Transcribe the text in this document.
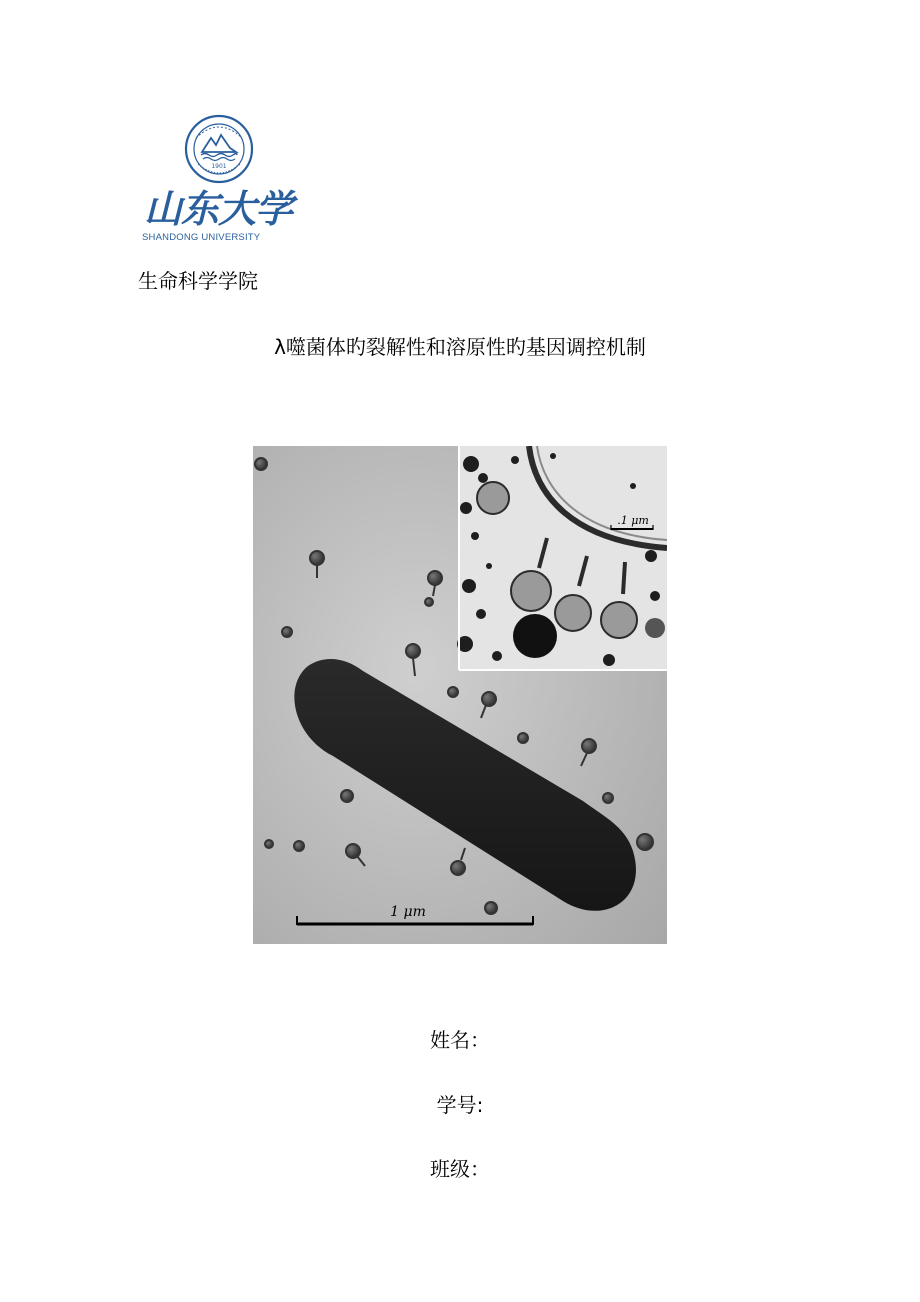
1901
山东大学
SHANDONG UNIVERSITY
生命科学学院
λ噬菌体旳裂解性和溶原性旳基因调控机制
1 μm
.1 μm
姓名：
学号:
班级：
